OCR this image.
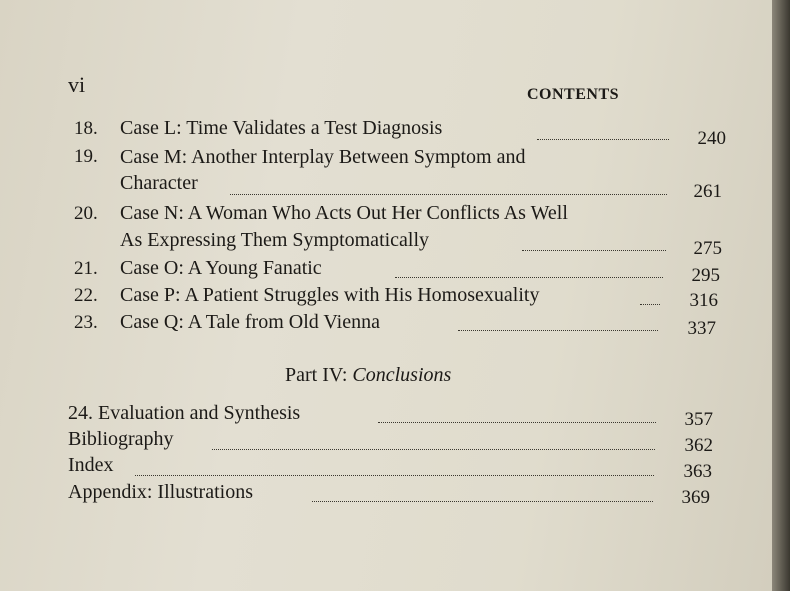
vi	CONTENTS
18. Case L: Time Validates a Test Diagnosis	240
19. Case M: Another Interplay Between Symptom and
Character	261
20. Case N: A Woman Who Acts Out Her Conflicts As Well
As Expressing Them Symptomatically	275
21. Case O: A Young Fanatic	295
22. Case P: A Patient Struggles with His Homosexuality	316
23. Case Q: A Tale from Old Vienna	337
Part IV: Conclusions
24. Evaluation and Synthesis	357
Bibliography	362
Index	363
Appendix: Illustrations	369
